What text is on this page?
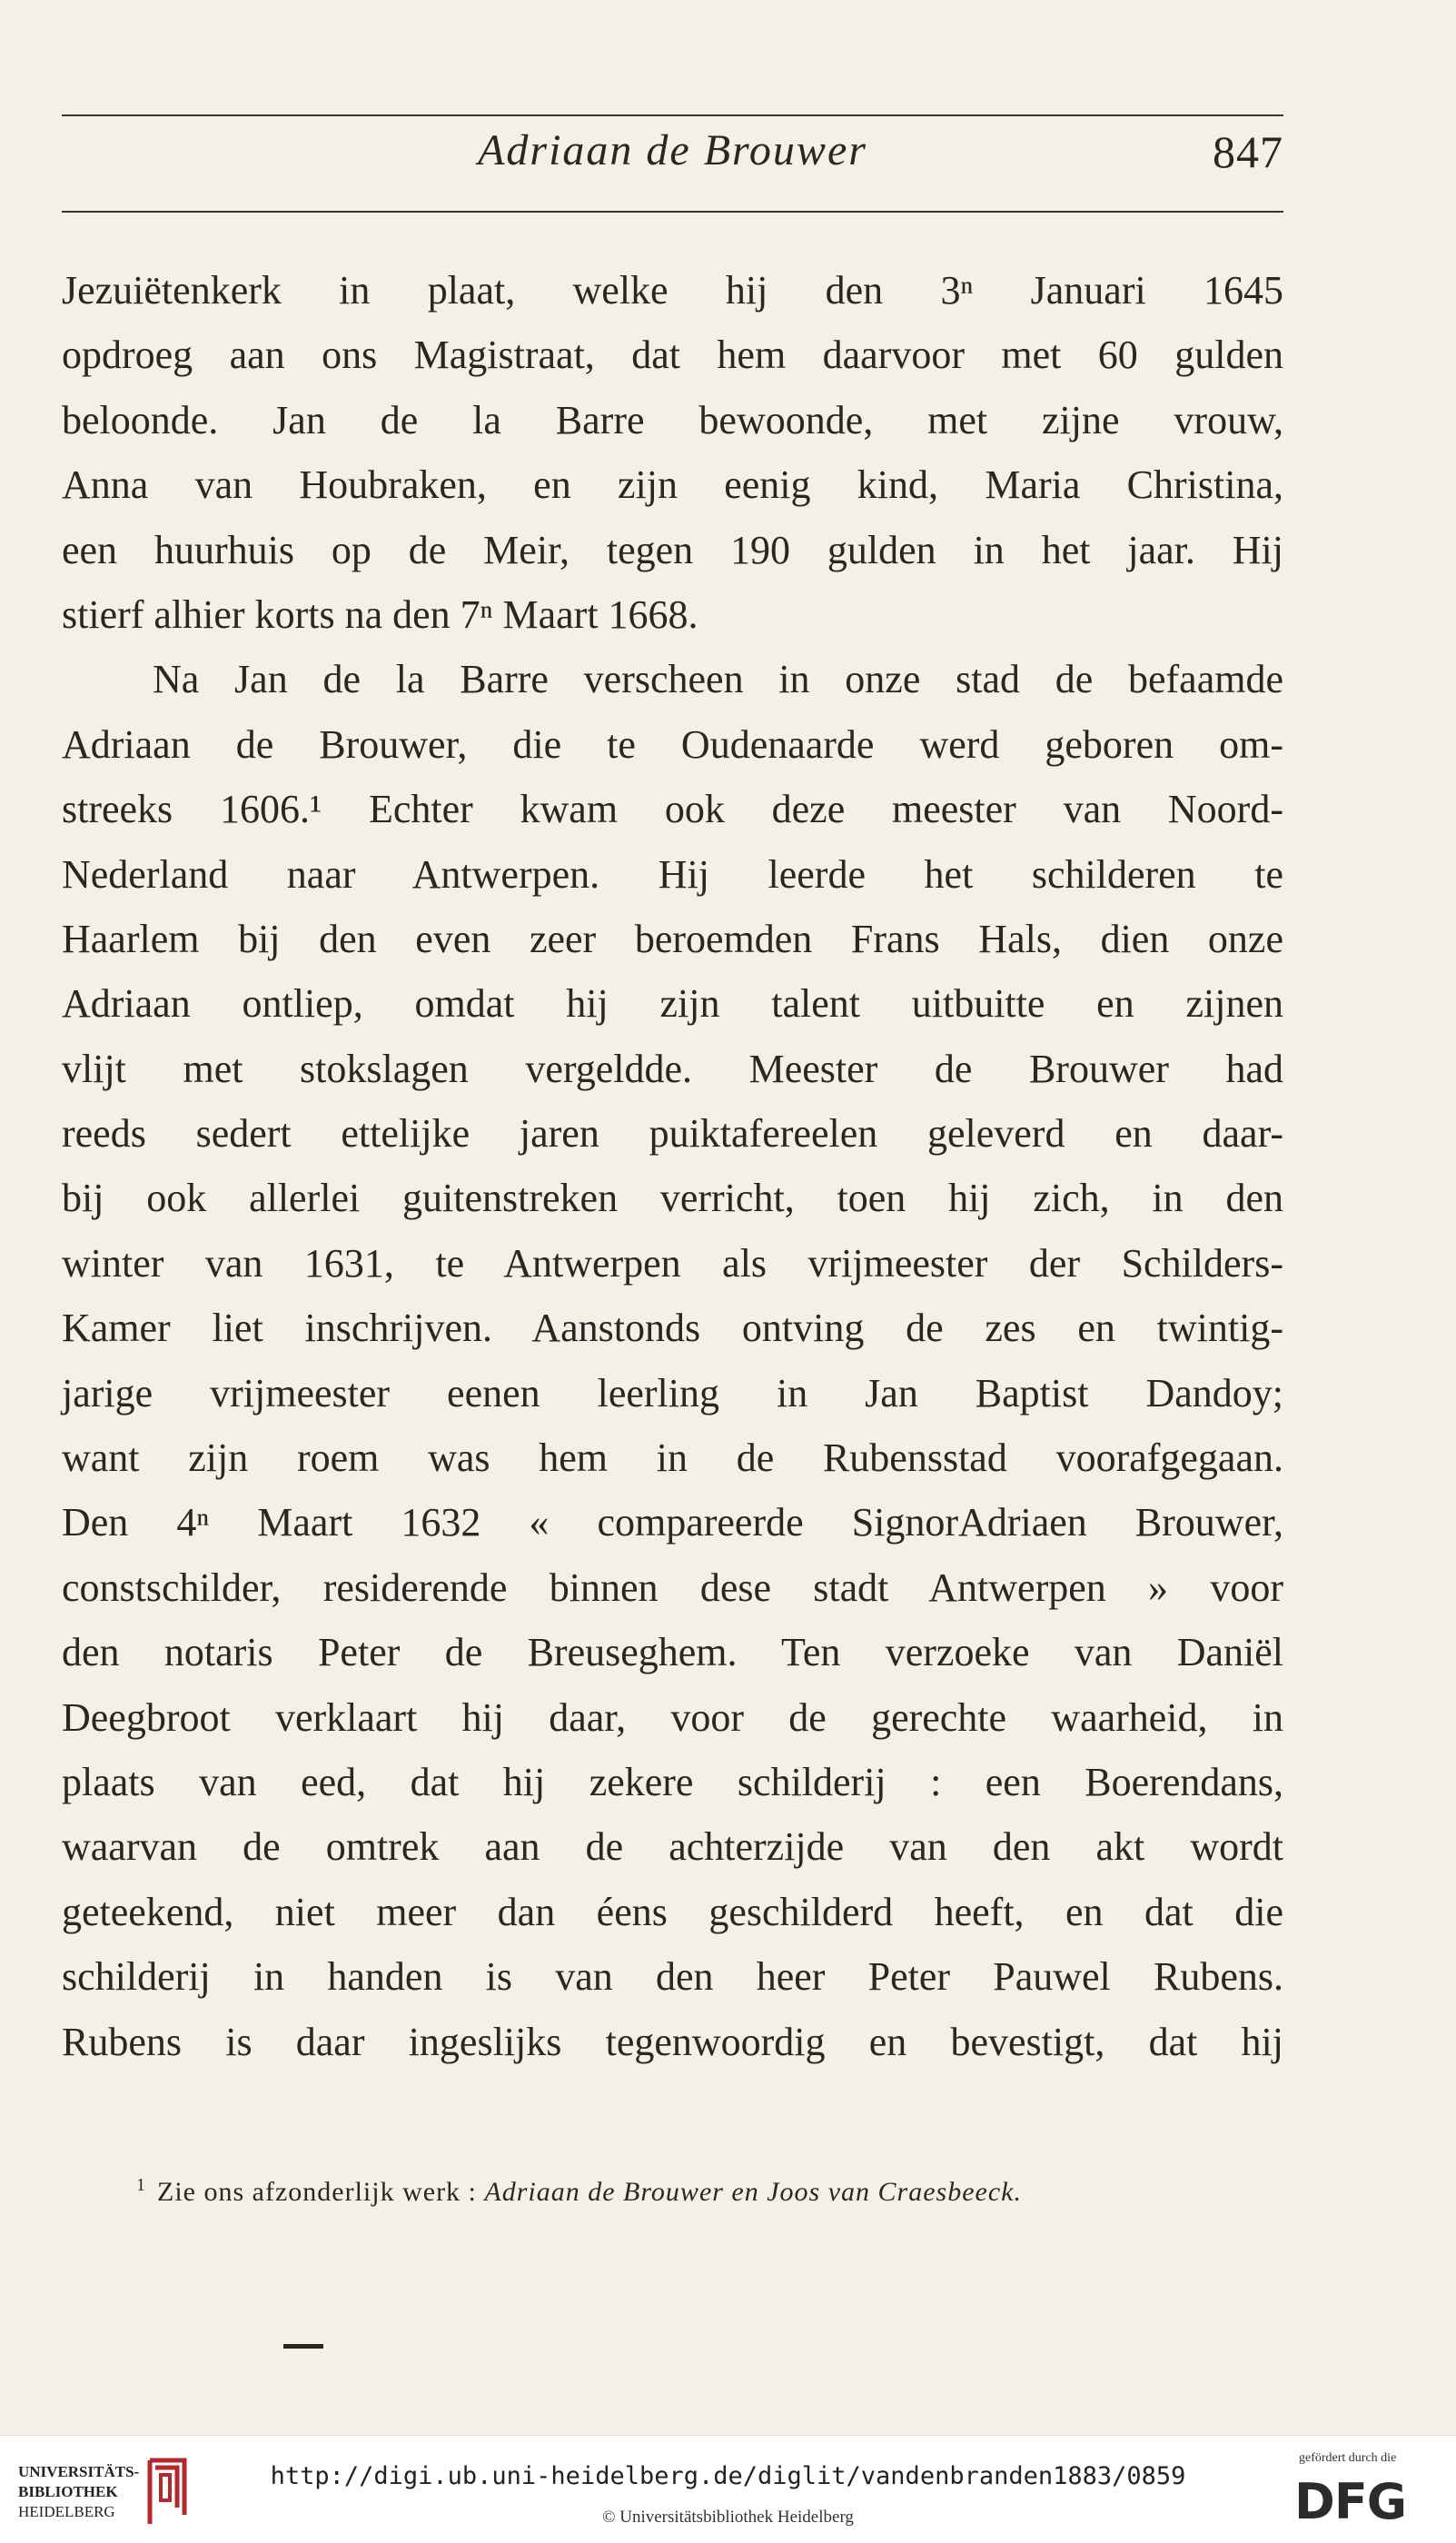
Adriaan de Brouwer	847
Jezuiëtenkerk in plaat, welke hij den 3ⁿ Januari 1645
opdroeg aan ons Magistraat, dat hem daarvoor met 60 gulden
beloonde. Jan de la Barre bewoonde, met zijne vrouw,
Anna van Houbraken, en zijn eenig kind, Maria Christina,
een huurhuis op de Meir, tegen 190 gulden in het jaar. Hij
stierf alhier korts na den 7ⁿ Maart 1668.
Na Jan de la Barre verscheen in onze stad de befaamde
Adriaan de Brouwer, die te Oudenaarde werd geboren om-
streeks 1606.¹ Echter kwam ook deze meester van Noord-
Nederland naar Antwerpen. Hij leerde het schilderen te
Haarlem bij den even zeer beroemden Frans Hals, dien onze
Adriaan ontliep, omdat hij zijn talent uitbuitte en zijnen
vlijt met stokslagen vergeldde. Meester de Brouwer had
reeds sedert ettelijke jaren puiktafereelen geleverd en daar-
bij ook allerlei guitenstreken verricht, toen hij zich, in den
winter van 1631, te Antwerpen als vrijmeester der Schilders-
Kamer liet inschrijven. Aanstonds ontving de zes en twintig-
jarige vrijmeester eenen leerling in Jan Baptist Dandoy;
want zijn roem was hem in de Rubensstad voorafgegaan.
Den 4ⁿ Maart 1632 « compareerde SignorAdriaen Brouwer,
constschilder, residerende binnen dese stadt Antwerpen » voor
den notaris Peter de Breuseghem. Ten verzoeke van Daniël
Deegbroot verklaart hij daar, voor de gerechte waarheid, in
plaats van eed, dat hij zekere schilderij : een Boerendans,
waarvan de omtrek aan de achterzijde van den akt wordt
geteekend, niet meer dan éens geschilderd heeft, en dat die
schilderij in handen is van den heer Peter Pauwel Rubens.
Rubens is daar ingeslijks tegenwoordig en bevestigt, dat hij
$^1$ Zie ons afzonderlijk werk : Adriaan de Brouwer en Joos van Craesbeeck.
UNIVERSITÄTS-
BIBLIOTHEK
HEIDELBERG
http://digi.ub.uni-heidelberg.de/diglit/vandenbranden1883/0859
© Universitätsbibliothek Heidelberg
gefördert durch die
DFG
